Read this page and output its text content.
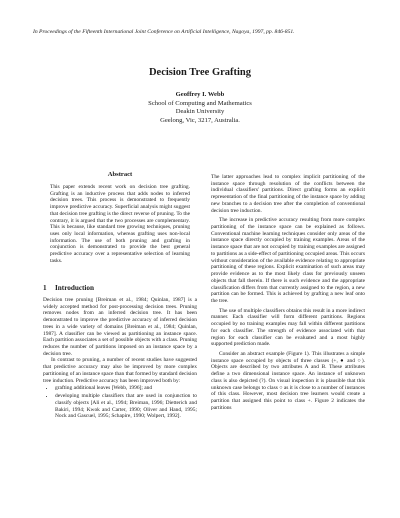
In Proceedings of the Fifteenth International Joint Conference on Artificial Intelligence, Nagoya, 1997, pp. 846-851.
Decision Tree Grafting
Geoffrey I. Webb
School of Computing and Mathematics
Deakin University
Geelong, Vic, 3217, Australia.
Abstract
This paper extends recent work on decision tree grafting. Grafting is an inductive process that adds nodes to inferred decision trees. This process is demonstrated to frequently improve predictive accuracy. Superficial analysis might suggest that decision tree grafting is the direct reverse of pruning. To the contrary, it is argued that the two processes are complementary. This is because, like standard tree growing techniques, pruning uses only local information, whereas grafting uses non-local information. The use of both pruning and grafting in conjunction is demonstrated to provide the best general predictive accuracy over a representative selection of learning tasks.
1 Introduction

Decision tree pruning [Breiman et al., 1984; Quinlan, 1987] is a widely accepted method for post-processing decision trees. Pruning removes nodes from an inferred decision tree. It has been demonstrated to improve the predictive accuracy of inferred decision trees in a wide variety of domains [Breiman et al., 1984; Quinlan, 1987]. A classifier can be viewed as partitioning an instance space. Each partition associates a set of possible objects with a class. Pruning reduces the number of partitions imposed on an instance space by a decision tree.

In contrast to pruning, a number of recent studies have suggested that predictive accuracy may also be improved by more complex partitioning of an instance space than that formed by standard decision tree induction. Predictive accuracy has been improved both by:

• grafting additional leaves [Webb, 1996]; and
• developing multiple classifiers that are used in conjunction to classify objects [Ali et al., 1994; Breiman, 1996; Dietterich and Bakiri, 1994; Kwok and Carter, 1990; Oliver and Hand, 1995; Nock and Gascuel, 1995; Schapire, 1990; Wolpert, 1992].

The latter approaches lead to complex implicit partitioning of the instance space through resolution of the conflicts between the individual classifiers' partitions. Direct grafting forms an explicit representation of the final partitioning of the instance space by adding new branches to a decision tree after the completion of conventional decision tree induction.

The increase in predictive accuracy resulting from more complex partitioning of the instance space can be explained as follows. Conventional machine learning techniques consider only areas of the instance space directly occupied by training examples. Areas of the instance space that are not occupied by training examples are assigned to partitions as a side-effect of partitioning occupied areas. This occurs without consideration of the available evidence relating to appropriate partitioning of these regions. Explicit examination of such areas may provide evidence as to the most likely class for previously unseen objects that fall therein. If there is such evidence and the appropriate classification differs from that currently assigned to the region, a new partition can be formed. This is achieved by grafting a new leaf onto the tree.

The use of multiple classifiers obtains this result in a more indirect manner. Each classifier will form different partitions. Regions occupied by no training examples may fall within different partitions for each classifier. The strength of evidence associated with that region for each classifier can be evaluated and a most highly supported prediction made.

Consider an abstract example (Figure 1). This illustrates a simple instance space occupied by objects of three classes (+, ● and ○). Objects are described by two attributes A and B. These attributes define a two dimensional instance space. An instance of unknown class is also depicted (?). On visual inspection it is plausible that this unknown case belongs to class ○ as it is close to a number of instances of this class. However, most decision tree learners would create a partition that assigned this point to class +. Figure 2 indicates the partitions
